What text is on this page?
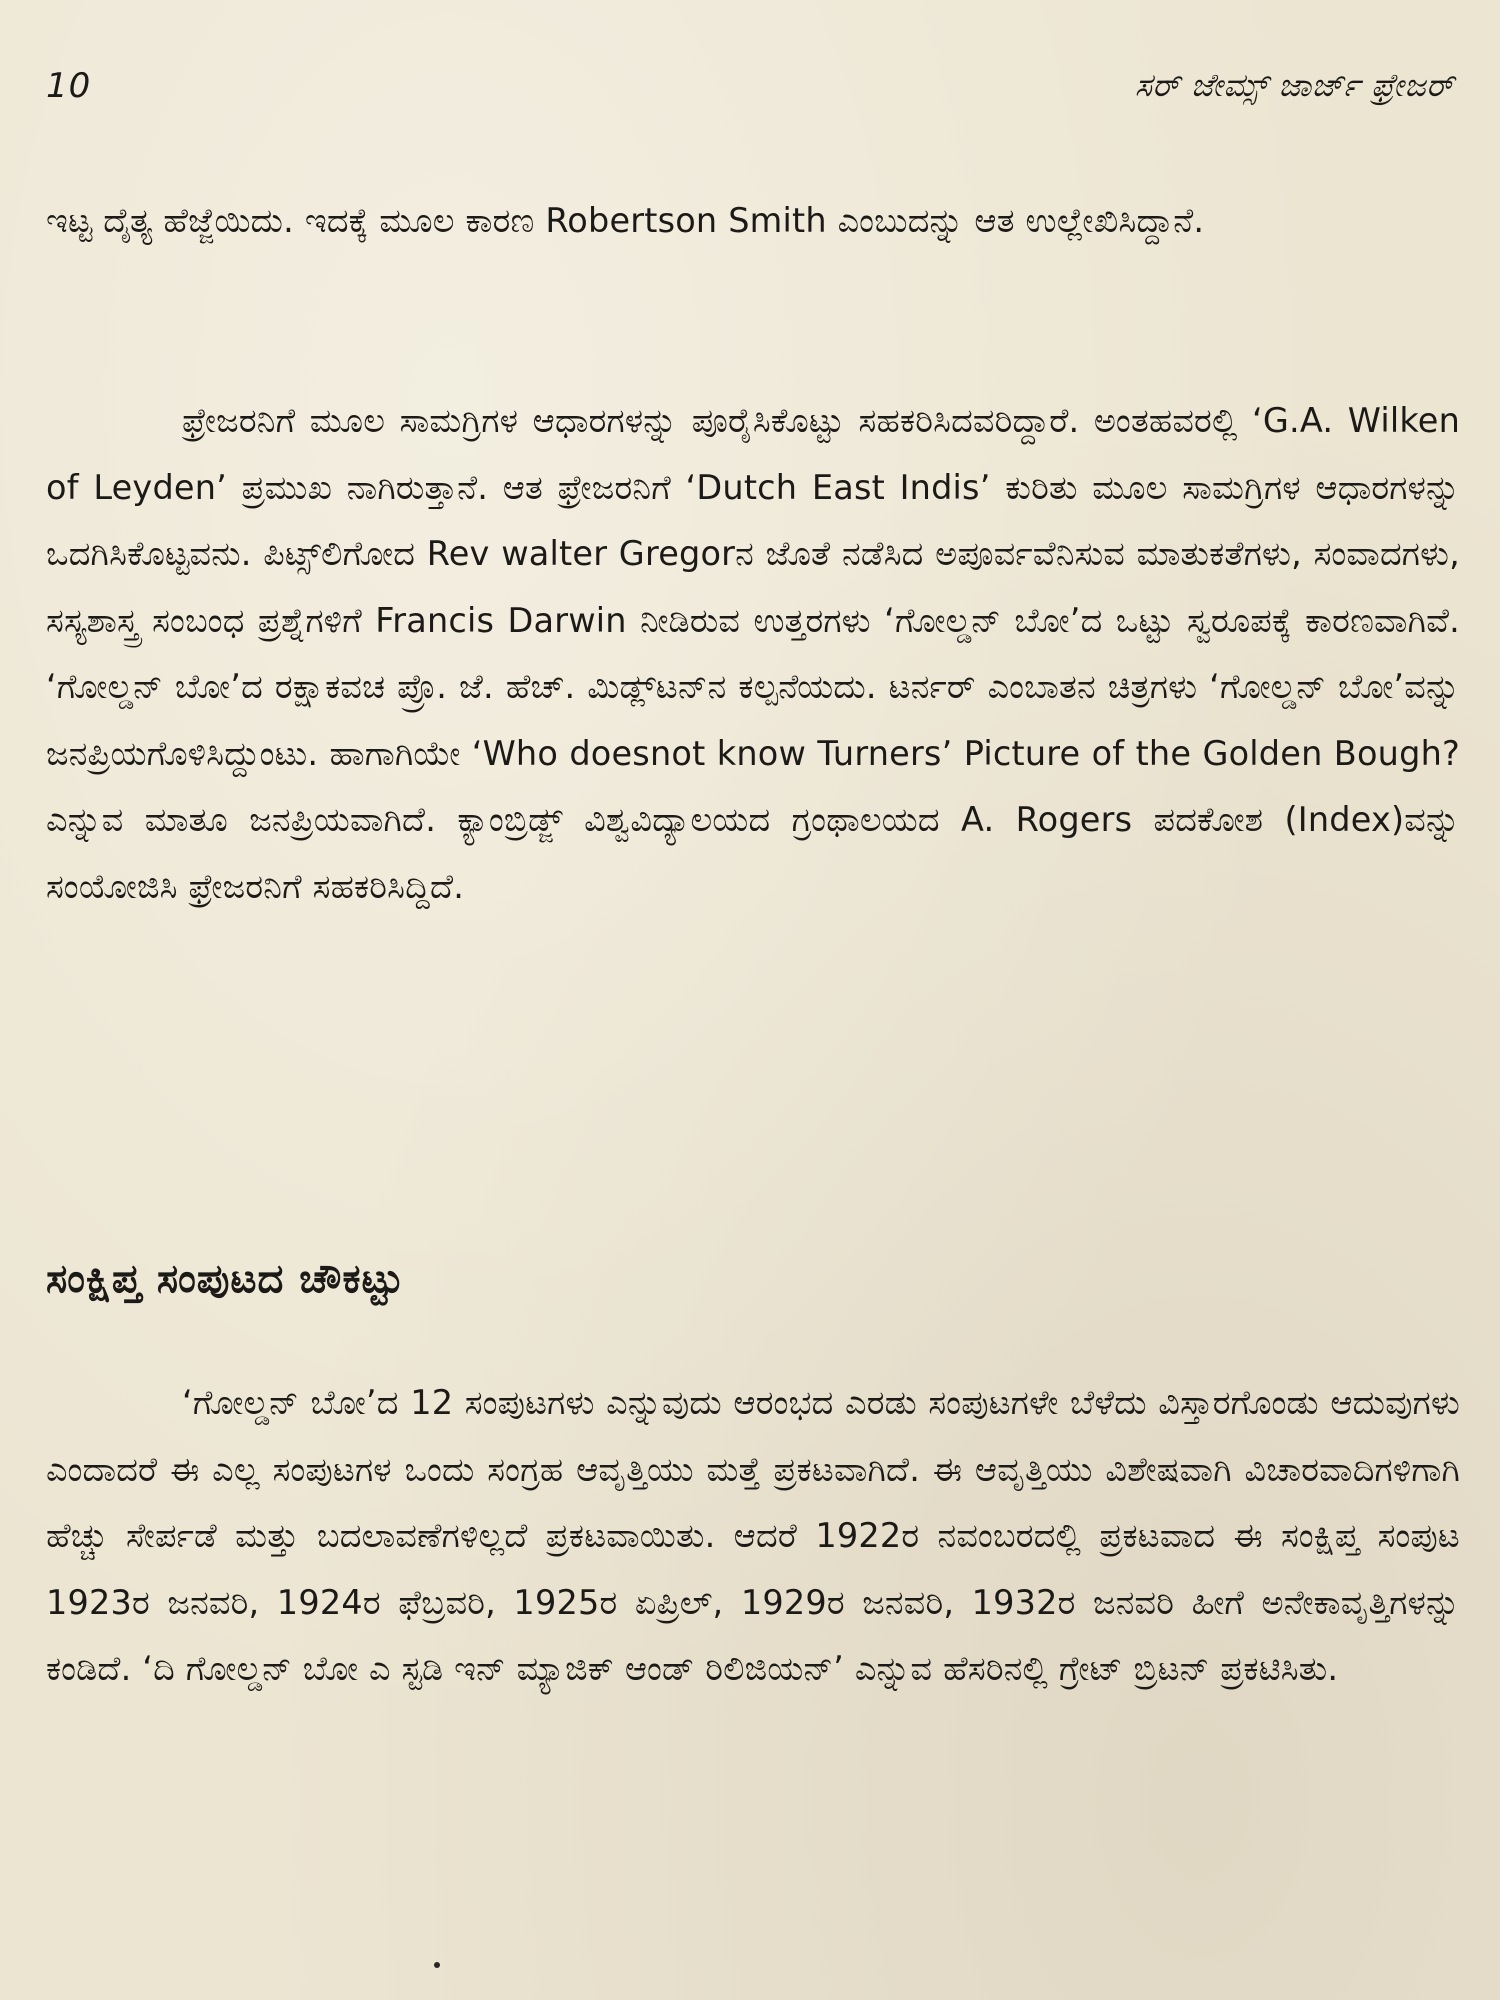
10	ಸರ್ ಜೇಮ್ಸ್ ಜಾರ್ಜ್ ಫ್ರೇಜರ್

ಇಟ್ಟ ದೈತ್ಯ ಹೆಜ್ಜೆಯಿದು. ಇದಕ್ಕೆ ಮೂಲ ಕಾರಣ Robertson Smith ಎಂಬುದನ್ನು ಆತ ಉಲ್ಲೇಖಿಸಿದ್ದಾನೆ.

ಫ್ರೇಜರನಿಗೆ ಮೂಲ ಸಾಮಗ್ರಿಗಳ ಆಧಾರಗಳನ್ನು ಪೂರೈಸಿಕೊಟ್ಟು ಸಹಕರಿಸಿದವರಿದ್ದಾರೆ. ಅಂತಹವರಲ್ಲಿ ‘G.A. Wilken of Leyden’ ಪ್ರಮುಖ ನಾಗಿರುತ್ತಾನೆ. ಆತ ಫ್ರೇಜರನಿಗೆ ‘Dutch East Indis’ ಕುರಿತು ಮೂಲ ಸಾಮಗ್ರಿಗಳ ಆಧಾರಗಳನ್ನು ಒದಗಿಸಿಕೊಟ್ಟವನು. ಪಿಟ್ಸ್‌ಲಿಗೋದ Rev walter Gregorನ ಜೊತೆ ನಡೆಸಿದ ಅಪೂರ್ವವೆನಿಸುವ ಮಾತುಕತೆಗಳು, ಸಂವಾದಗಳು, ಸಸ್ಯಶಾಸ್ತ್ರ ಸಂಬಂಧ ಪ್ರಶ್ನೆಗಳಿಗೆ Francis Darwin ನೀಡಿರುವ ಉತ್ತರಗಳು ‘ಗೋಲ್ಡನ್ ಬೋ’ದ ಒಟ್ಟು ಸ್ವರೂಪಕ್ಕೆ ಕಾರಣವಾಗಿವೆ. ‘ಗೋಲ್ಡನ್ ಬೋ’ದ ರಕ್ಷಾಕವಚ ಪ್ರೊ. ಜೆ. ಹೆಚ್. ಮಿಡ್ಲ್‌ಟನ್‌ನ ಕಲ್ಪನೆಯದು. ಟರ್ನರ್ ಎಂಬಾತನ ಚಿತ್ರಗಳು ‘ಗೋಲ್ಡನ್ ಬೋ’ವನ್ನು ಜನಪ್ರಿಯಗೊಳಿಸಿದ್ದುಂಟು. ಹಾಗಾಗಿಯೇ ‘Who doesnot know Turners’ Picture of the Golden Bough? ಎನ್ನುವ ಮಾತೂ ಜನಪ್ರಿಯವಾಗಿದೆ. ಕ್ಯಾಂಬ್ರಿಡ್ಜ್ ವಿಶ್ವವಿದ್ಯಾಲಯದ ಗ್ರಂಥಾಲಯದ A. Rogers ಪದಕೋಶ (Index)ವನ್ನು ಸಂಯೋಜಿಸಿ ಫ್ರೇಜರನಿಗೆ ಸಹಕರಿಸಿದ್ದಿದೆ.

ಸಂಕ್ಷಿಪ್ತ ಸಂಪುಟದ ಚೌಕಟ್ಟು

‘ಗೋಲ್ಡನ್ ಬೋ’ದ 12 ಸಂಪುಟಗಳು ಎನ್ನುವುದು ಆರಂಭದ ಎರಡು ಸಂಪುಟಗಳೇ ಬೆಳೆದು ವಿಸ್ತಾರಗೊಂಡು ಆದುವುಗಳು ಎಂದಾದರೆ ಈ ಎಲ್ಲ ಸಂಪುಟಗಳ ಒಂದು ಸಂಗ್ರಹ ಆವೃತ್ತಿಯು ಮತ್ತೆ ಪ್ರಕಟವಾಗಿದೆ. ಈ ಆವೃತ್ತಿಯು ವಿಶೇಷವಾಗಿ ವಿಚಾರವಾದಿಗಳಿಗಾಗಿ ಹೆಚ್ಚು ಸೇರ್ಪಡೆ ಮತ್ತು ಬದಲಾವಣೆಗಳಿಲ್ಲದೆ ಪ್ರಕಟವಾಯಿತು. ಆದರೆ 1922ರ ನವಂಬರದಲ್ಲಿ ಪ್ರಕಟವಾದ ಈ ಸಂಕ್ಷಿಪ್ತ ಸಂಪುಟ 1923ರ ಜನವರಿ, 1924ರ ಫೆಬ್ರವರಿ, 1925ರ ಏಪ್ರಿಲ್, 1929ರ ಜನವರಿ, 1932ರ ಜನವರಿ ಹೀಗೆ ಅನೇಕಾವೃತ್ತಿಗಳನ್ನು ಕಂಡಿದೆ. ‘ದಿ ಗೋಲ್ಡನ್ ಬೋ ಎ ಸ್ಟಡಿ ಇನ್ ಮ್ಯಾಜಿಕ್ ಆಂಡ್ ರಿಲಿಜಿಯನ್’ ಎನ್ನುವ ಹೆಸರಿನಲ್ಲಿ ಗ್ರೇಟ್ ಬ್ರಿಟನ್ ಪ್ರಕಟಿಸಿತು.
